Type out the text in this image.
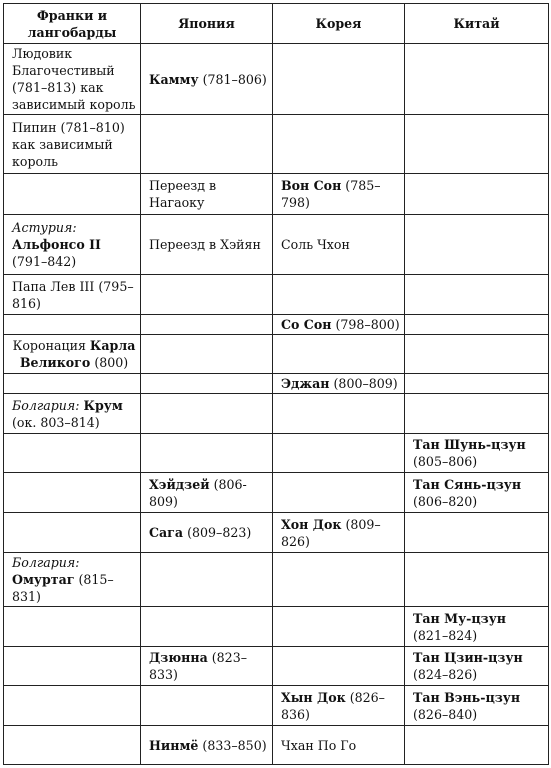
Франки и лангобарды	Япония	Корея	Китай
Людовик Благочестивый (781–813) как зависимый король	Камму (781–806)		
Пипин (781–810) как зависимый король			
	Переезд в Нагаоку	Вон Сон (785–798)	
Астурия: Альфонсо II (791–842)	Переезд в Хэйян	Соль Чхон	
Папа Лев III (795–816)			
		Со Сон (798–800)	
Коронация Карла Великого (800)			
		Эджан (800–809)	
Болгария: Крум (ок. 803–814)			
			Тан Шунь-цзун (805–806)
	Хэйдзей (806-809)		Тан Сянь-цзун (806–820)
	Сага (809–823)	Хон Док (809–826)	
Болгария: Омуртаг (815–831)			
			Тан Му-цзун (821–824)
	Дзюнна (823–833)		Тан Цзин-цзун (824–826)
		Хын Док (826–836)	Тан Вэнь-цзун (826–840)
	Нинмё (833–850)	Чхан По Го	
